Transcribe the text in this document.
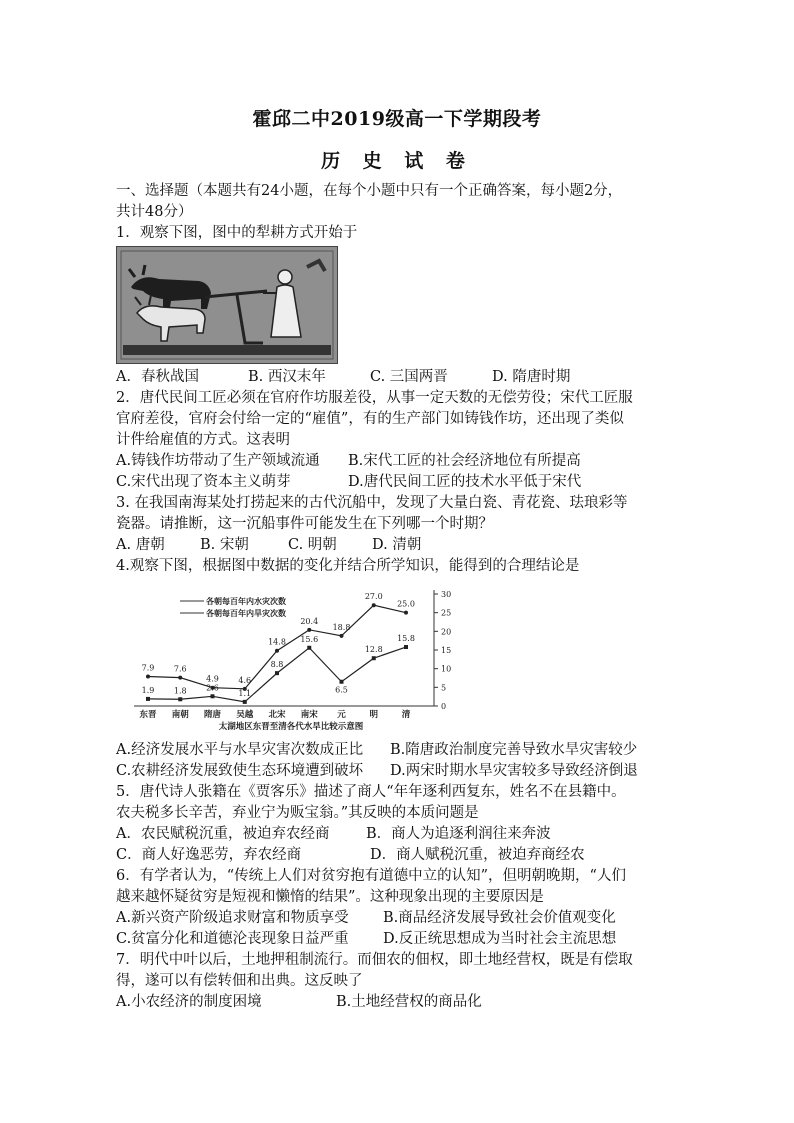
霍邱二中2019级高一下学期段考
历 史 试 卷
一、选择题（本题共有24小题，在每个小题中只有一个正确答案，每小题2分，
共计48分）
1．观察下图，图中的犁耕方式开始于
A．春秋战国	B. 西汉末年	C. 三国两晋	D. 隋唐时期
2．唐代民间工匠必须在官府作坊服差役，从事一定天数的无偿劳役；宋代工匠服
官府差役，官府会付给一定的“雇值”，有的生产部门如铸钱作坊，还出现了类似
计件给雇值的方式。这表明
A.铸钱作坊带动了生产领域流通 B.宋代工匠的社会经济地位有所提高
C.宋代出现了资本主义萌芽	D.唐代民间工匠的技术水平低于宋代
3. 在我国南海某处打捞起来的古代沉船中，发现了大量白瓷、青花瓷、珐琅彩等
瓷器。请推断，这一沉船事件可能发生在下列哪一个时期？
A. 唐朝 B. 宋朝	C. 明朝 D. 清朝
4.观察下图，根据图中数据的变化并结合所学知识，能得到的合理结论是
各朝每百年内水灾次数
各朝每百年内旱灾次数
0
5
10
15
20
25
30
东晋 南朝 隋唐 吴越 北宋 南宋 元	明	清
7.9 7.6
4.9 4.6
14.8
20.4
18.8
27.0
25.0
1.9 1.8 2.6
1.1
8.8
15.6
6.5
12.8
15.8
太湖地区东晋至清各代水旱比较示意图
A.经济发展水平与水旱灾害次数成正比 B.隋唐政治制度完善导致水旱灾害较少
C.农耕经济发展致使生态环境遭到破坏 D.两宋时期水旱灾害较多导致经济倒退
5．唐代诗人张籍在《贾客乐》描述了商人“年年逐利西复东，姓名不在县籍中。
农夫税多长辛苦，弃业宁为贩宝翁。”其反映的本质问题是
A．农民赋税沉重，被迫弃农经商	B．商人为追逐利润往来奔波
C．商人好逸恶劳，弃农经商	D．商人赋税沉重，被迫弃商经农
6．有学者认为，“传统上人们对贫穷抱有道德中立的认知”，但明朝晚期，“人们
越来越怀疑贫穷是短视和懒惰的结果”。这种现象出现的主要原因是
A.新兴资产阶级追求财富和物质享受 B.商品经济发展导致社会价值观变化
C.贫富分化和道德沦丧现象日益严重 D.反正统思想成为当时社会主流思想
7．明代中叶以后，土地押租制流行。而佃农的佃权，即土地经营权，既是有偿取
得，遂可以有偿转佃和出典。这反映了
A.小农经济的制度困境	B.土地经营权的商品化
